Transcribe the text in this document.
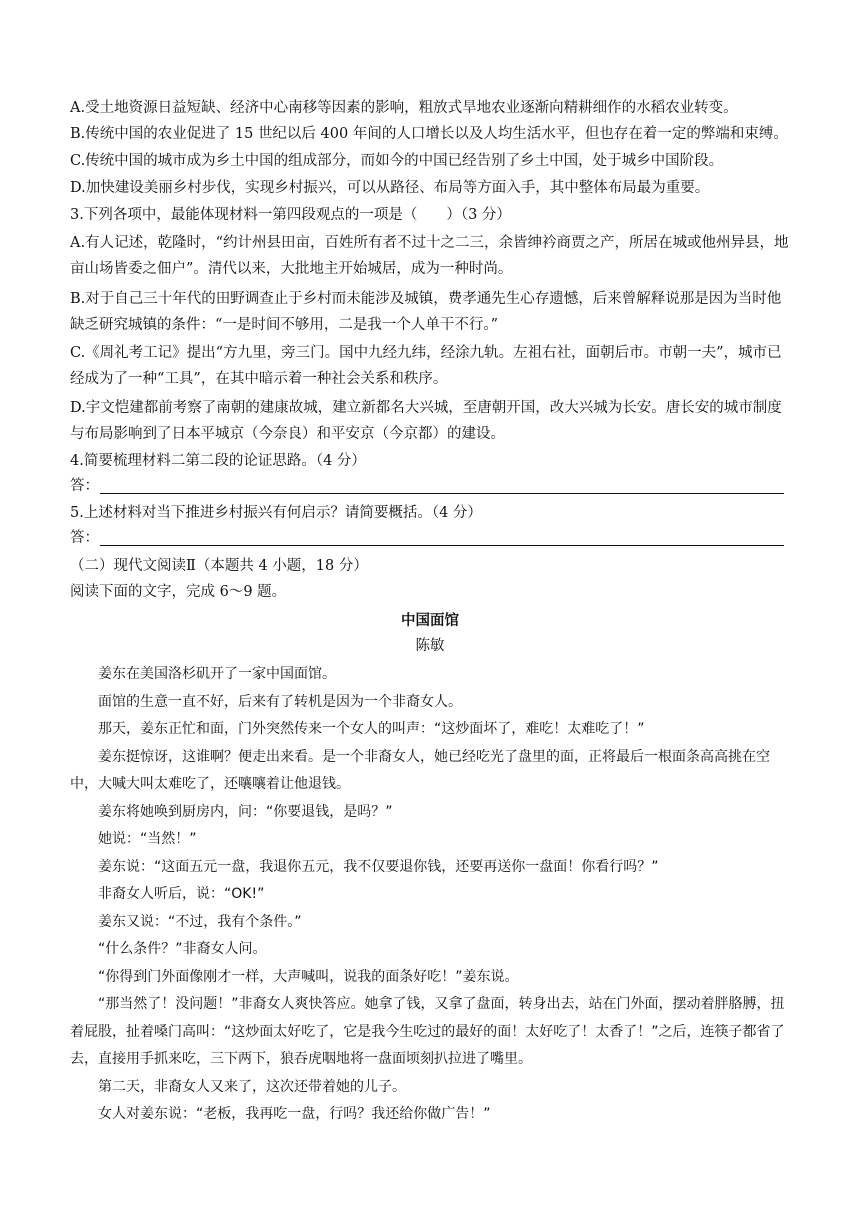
A.受土地资源日益短缺、经济中心南移等因素的影响，粗放式旱地农业逐渐向精耕细作的水稻农业转变。
B.传统中国的农业促进了 15 世纪以后 400 年间的人口增长以及人均生活水平，但也存在着一定的弊端和束缚。
C.传统中国的城市成为乡土中国的组成部分，而如今的中国已经告别了乡土中国，处于城乡中国阶段。
D.加快建设美丽乡村步伐，实现乡村振兴，可以从路径、布局等方面入手，其中整体布局最为重要。
3.下列各项中，最能体现材料一第四段观点的一项是（　　）（3 分）
A.有人记述，乾隆时，“约计州县田亩，百姓所有者不过十之二三，余皆绅衿商贾之产，所居在城或他州异县，地亩山场皆委之佃户”。清代以来，大批地主开始城居，成为一种时尚。
B.对于自己三十年代的田野调查止于乡村而未能涉及城镇，费孝通先生心存遗憾，后来曾解释说那是因为当时他缺乏研究城镇的条件：“一是时间不够用，二是我一个人单干不行。”
C.《周礼考工记》提出“方九里，旁三门。国中九经九纬，经涂九轨。左祖右社，面朝后市。市朝一夫”，城市已经成为了一种“工具”，在其中暗示着一种社会关系和秩序。
D.宇文恺建都前考察了南朝的建康故城，建立新都名大兴城，至唐朝开国，改大兴城为长安。唐长安的城市制度与布局影响到了日本平城京（今奈良）和平安京（今京都）的建设。
4.简要梳理材料二第二段的论证思路。（4 分）
答：
5.上述材料对当下推进乡村振兴有何启示？请简要概括。（4 分）
答：
（二）现代文阅读Ⅱ（本题共 4 小题，18 分）
阅读下面的文字，完成 6～9 题。
中国面馆
陈敏

姜东在美国洛杉矶开了一家中国面馆。

面馆的生意一直不好，后来有了转机是因为一个非裔女人。

那天，姜东正忙和面，门外突然传来一个女人的叫声：“这炒面坏了，难吃！太难吃了！”

姜东挺惊讶，这谁啊？便走出来看。是一个非裔女人，她已经吃光了盘里的面，正将最后一根面条高高挑在空中，大喊大叫太难吃了，还嚷嚷着让他退钱。

姜东将她唤到厨房内，问：“你要退钱，是吗？”

她说：“当然！”

姜东说：“这面五元一盘，我退你五元，我不仅要退你钱，还要再送你一盘面！你看行吗？”

非裔女人听后，说：“OK!”

姜东又说：“不过，我有个条件。”

“什么条件？”非裔女人问。

“你得到门外面像刚才一样，大声喊叫，说我的面条好吃！”姜东说。

“那当然了！没问题！”非裔女人爽快答应。她拿了钱，又拿了盘面，转身出去，站在门外面，摆动着胖胳膊，扭着屁股，扯着嗓门高叫：“这炒面太好吃了，它是我今生吃过的最好的面！太好吃了！太香了！”之后，连筷子都省了去，直接用手抓来吃，三下两下，狼吞虎咽地将一盘面顷刻扒拉进了嘴里。

第二天，非裔女人又来了，这次还带着她的儿子。

女人对姜东说：“老板，我再吃一盘，行吗？我还给你做广告！”
